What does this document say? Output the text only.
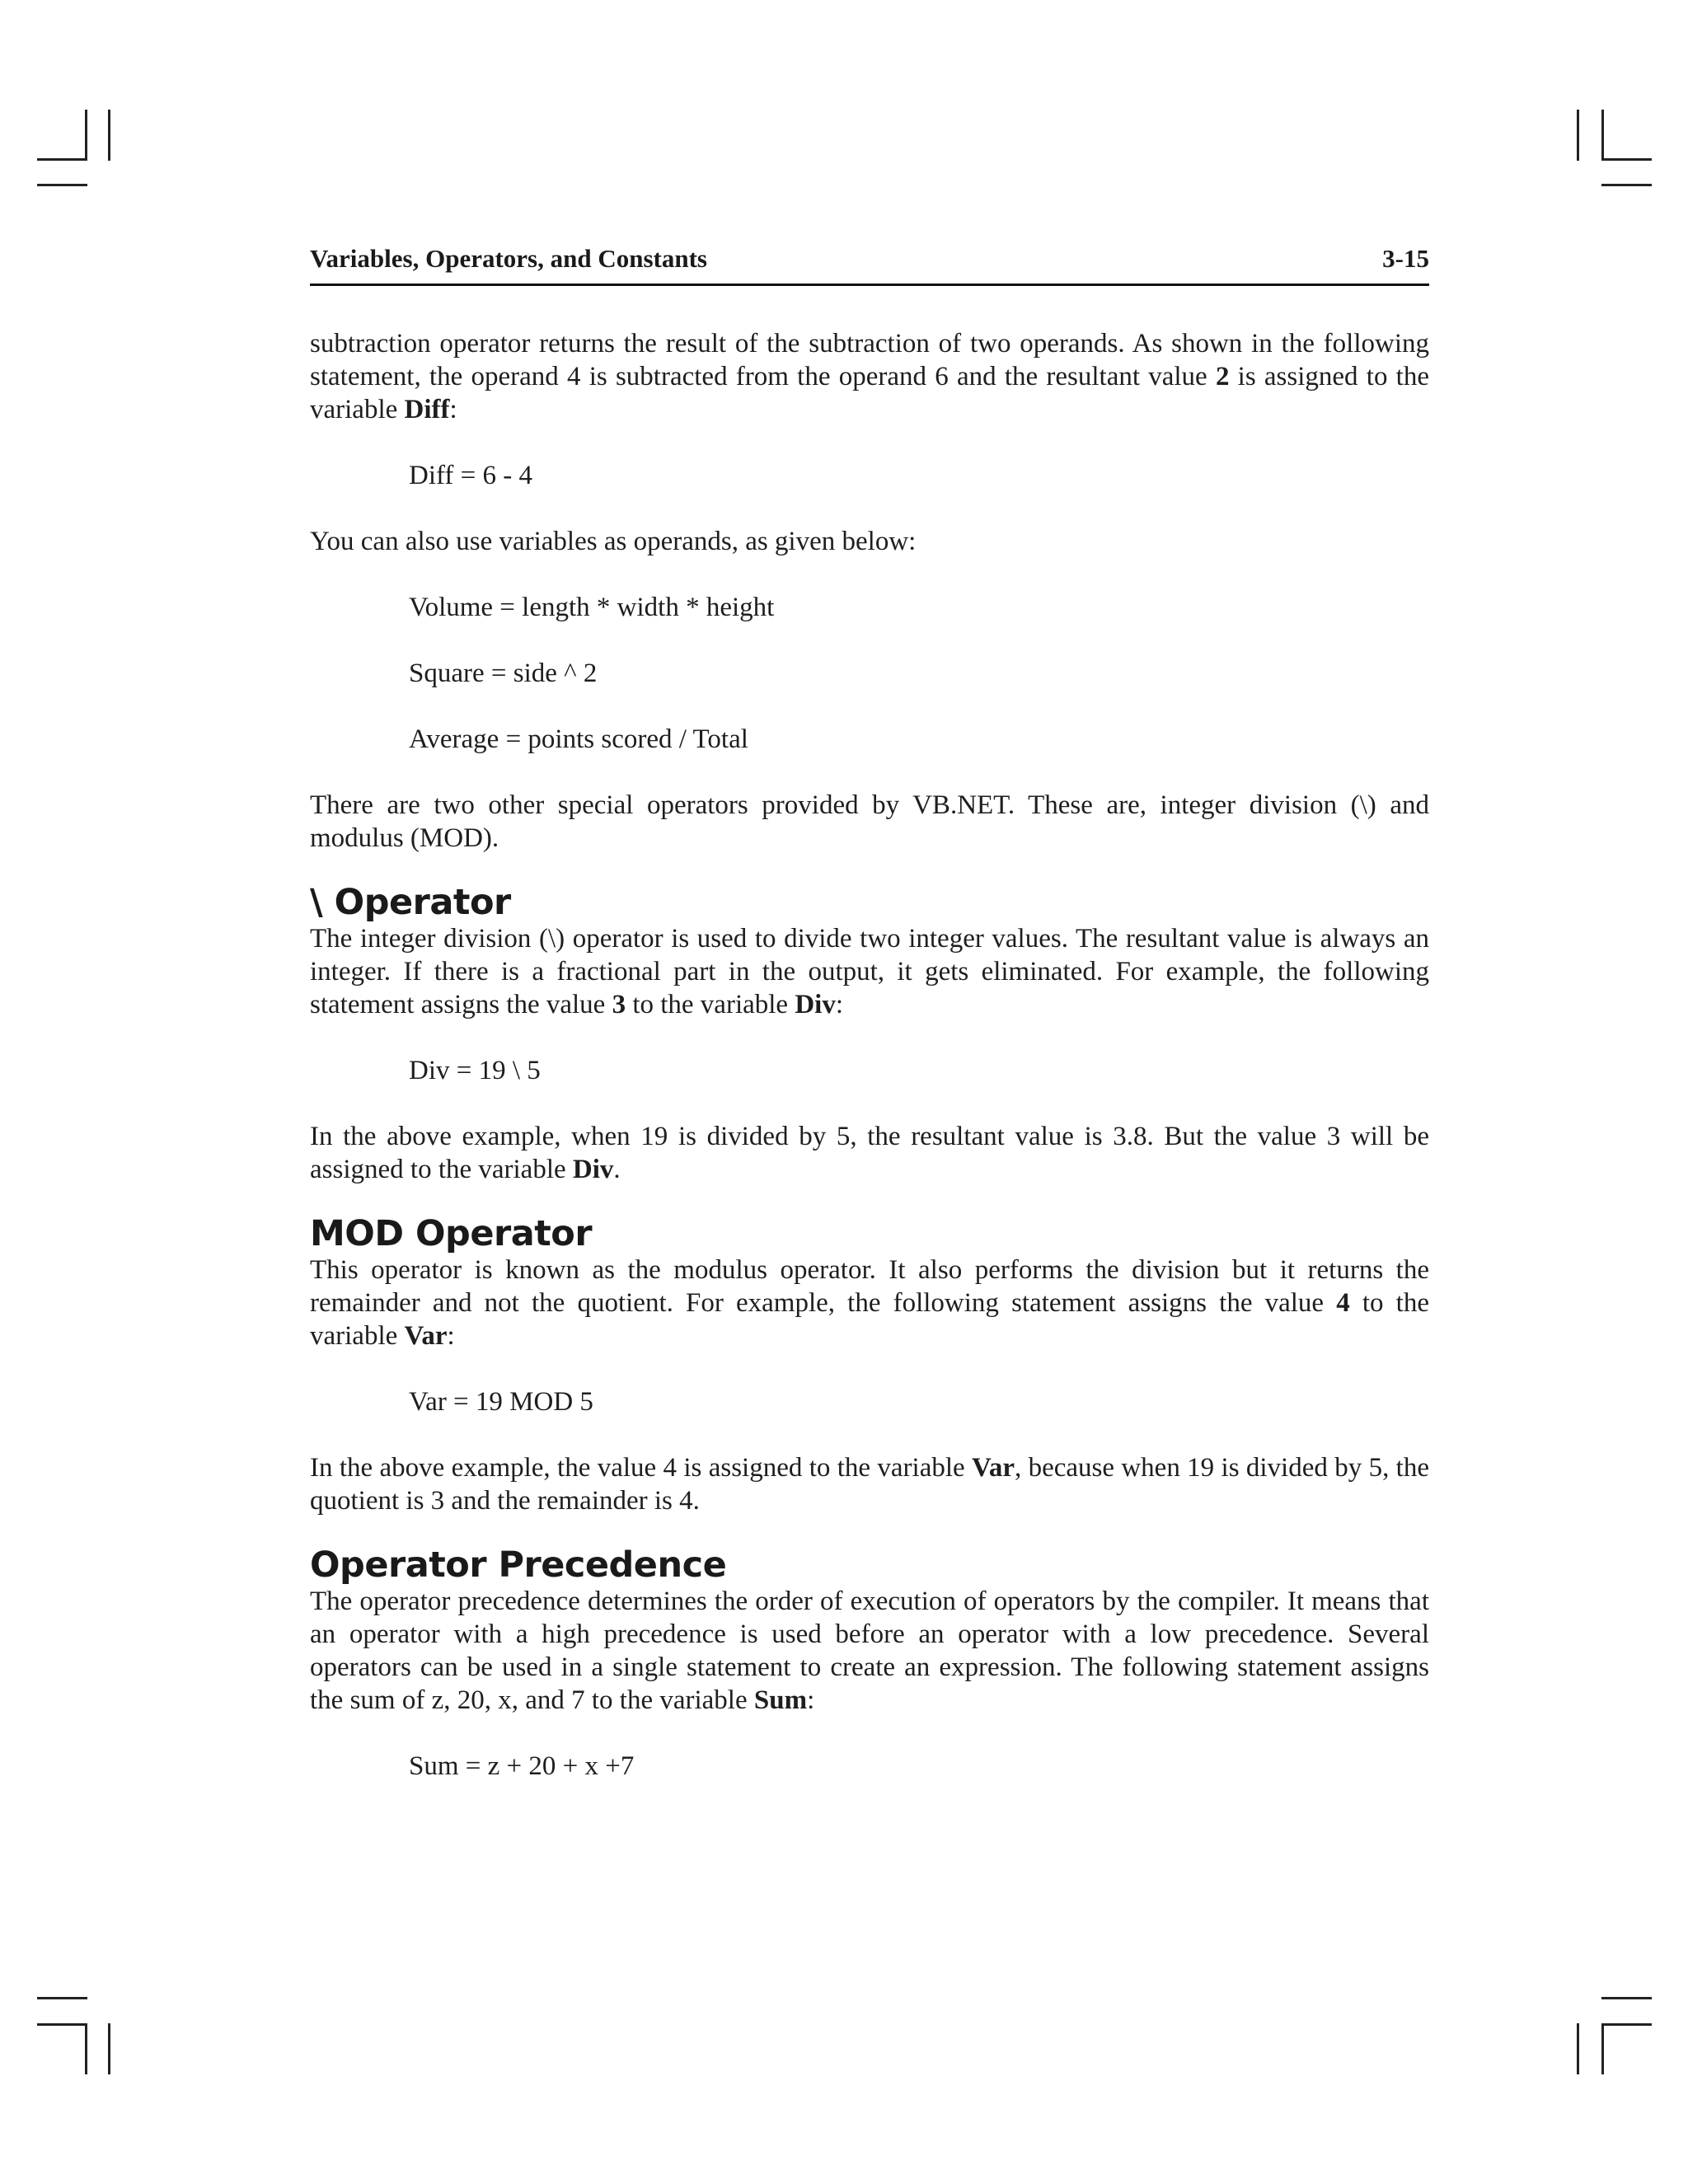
Variables, Operators, and Constants	3-15

subtraction operator returns the result of the subtraction of two operands. As shown in the following statement, the operand 4 is subtracted from the operand 6 and the resultant value 2 is assigned to the variable Diff:

Diff = 6 - 4

You can also use variables as operands, as given below:

Volume = length * width * height
Square = side ^ 2
Average = points scored / Total

There are two other special operators provided by VB.NET. These are, integer division (\) and modulus (MOD).

\ Operator

The integer division (\) operator is used to divide two integer values. The resultant value is always an integer. If there is a fractional part in the output, it gets eliminated. For example, the following statement assigns the value 3 to the variable Div:

Div = 19 \ 5

In the above example, when 19 is divided by 5, the resultant value is 3.8. But the value 3 will be assigned to the variable Div.

MOD Operator

This operator is known as the modulus operator. It also performs the division but it returns the remainder and not the quotient. For example, the following statement assigns the value 4 to the variable Var:

Var = 19 MOD 5

In the above example, the value 4 is assigned to the variable Var, because when 19 is divided by 5, the quotient is 3 and the remainder is 4.

Operator Precedence

The operator precedence determines the order of execution of operators by the compiler. It means that an operator with a high precedence is used before an operator with a low precedence. Several operators can be used in a single statement to create an expression. The following statement assigns the sum of z, 20, x, and 7 to the variable Sum:

Sum = z + 20 + x +7
